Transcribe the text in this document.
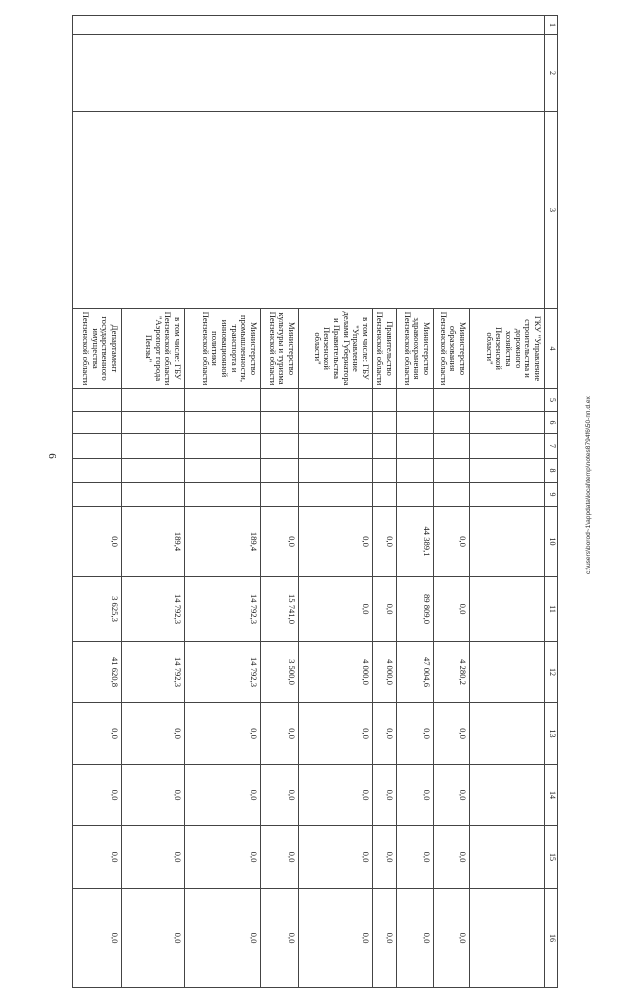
6
1	2	3	4	5	6	7	8	9	10	11	12	13	14	15	16
			ГКУ "Управление строительства и дорожного хозяйства Пензенской области"												
			Министерство образования Пензенской области						0,0	0,0	4 280,2	0,0	0,0	0,0	0,0
			Министерство здравоохранения Пензенской области						44 389,1	89 809,0	47 004,6	0,0	0,0	0,0	0,0
			Правительство Пензенской области						0,0	0,0	4 000,0	0,0	0,0	0,0	0,0
			в том числе: ГБУ "Управление делами Губернатора и Правительства Пензенской области"						0,0	0,0	4 000,0	0,0	0,0	0,0	0,0
			Министерство культуры и туризма Пензенской области						0,0	15 741,0	3 500,0	0,0	0,0	0,0	0,0
			Министерство промышленности, транспорта и инновационной политики Пензенской области						189,4	14 792,3	14 792,3	0,0	0,0	0,0	0,0
			в том числе: ГБУ Пензенской области "Аэропорт города Пензы"						189,4	14 792,3	14 792,3	0,0	0,0	0,0	0,0
			Департамент государственного имущества Пензенской области						0,0	3 625,3	41 620,8	0,0	0,0	0,0	0,0
c:\users\borod~1\appdata\local\temp\notes8794f6\50-пп.d.ex
